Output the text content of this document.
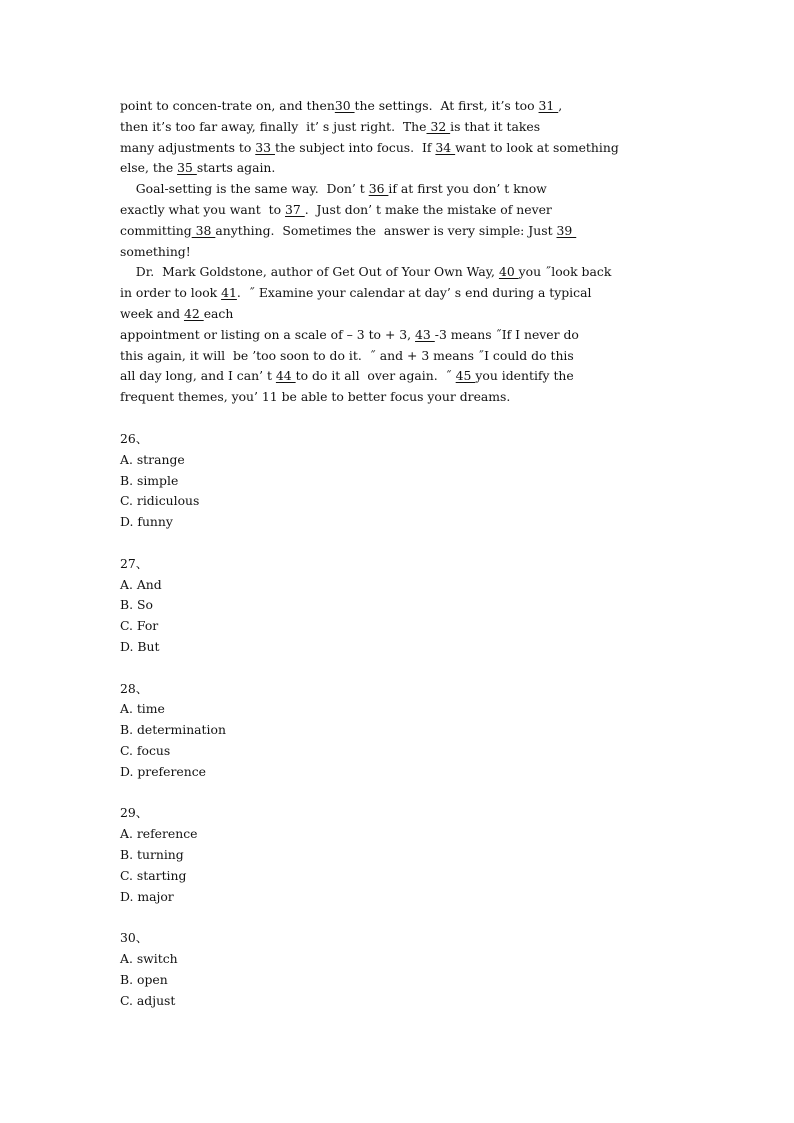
point to concen-trate on, and then30 the settings.  At first, it’s too 31 ,
then it’s too far away, finally  it’ s just right.  The 32 is that it takes
many adjustments to 33 the subject into focus.  If 34 want to look at something
else, the 35 starts again.
Goal-setting is the same way.  Don’ t 36 if at first you don’ t know
exactly what you want  to 37 .  Just don’ t make the mistake of never
committing 38 anything.  Sometimes the  answer is very simple: Just 39
something!
Dr.  Mark Goldstone, author of Get Out of Your Own Way, 40 you ˝look back
in order to look 41.  ˝ Examine your calendar at day’ s end during a typical
week and 42 each
appointment or listing on a scale of – 3 to + 3, 43 -3 means ˝If I never do
this again, it will  be ’too soon to do it.  ˝ and + 3 means ˝I could do this
all day long, and I can’ t 44 to do it all  over again.  ˝ 45 you identify the
frequent themes, you’ 11 be able to better focus your dreams.
26、
A. strange
B. simple
C. ridiculous
D. funny
27、
A. And
B. So
C. For
D. But
28、
A. time
B. determination
C. focus
D. preference
29、
A. reference
B. turning
C. starting
D. major
30、
A. switch
B. open
C. adjust
